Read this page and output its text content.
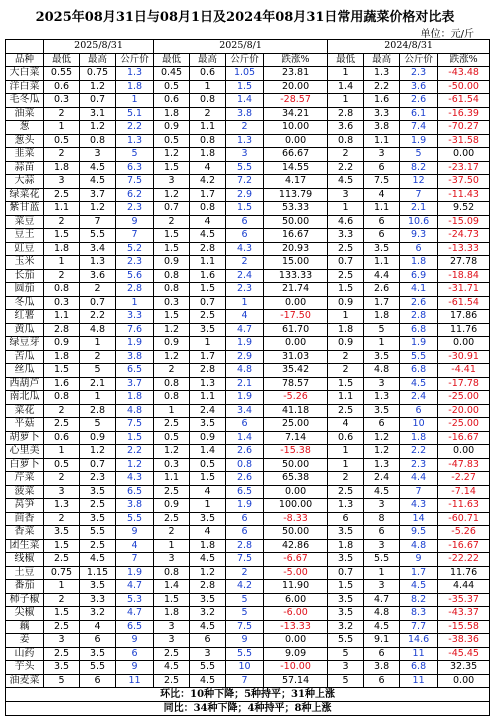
2025年08月31日与08月1日及2024年08月31日常用蔬菜价格对比表
单位：元/斤
	2025/8/31			2025/8/1				2024/8/31			
品种	最低	最高	公斤价	最低	最高	公斤价	跌涨%	最低	最高	公斤价	跌涨%
大白菜	0.55	0.75	1.3	0.45	0.6	1.05	23.81	1	1.3	2.3	-43.48
洋白菜	0.6	1.2	1.8	0.5	1	1.5	20.00	1.4	2.2	3.6	-50.00
毛冬瓜	0.3	0.7	1	0.6	0.8	1.4	-28.57	1	1.6	2.6	-61.54
油菜	2	3.1	5.1	1.8	2	3.8	34.21	2.8	3.3	6.1	-16.39
葱	1	1.2	2.2	0.9	1.1	2	10.00	3.6	3.8	7.4	-70.27
葱头	0.5	0.8	1.3	0.5	0.8	1.3	0.00	0.8	1.1	1.9	-31.58
韭菜	2	3	5	1.2	1.8	3	66.67	2	3	5	0.00
蒜苗	1.8	4.5	6.3	1.5	4	5.5	14.55	2.2	6	8.2	-23.17
大蒜	3	4.5	7.5	3	4.2	7.2	4.17	4.5	7.5	12	-37.50
绿菜花	2.5	3.7	6.2	1.2	1.7	2.9	113.79	3	4	7	-11.43
紫甘蓝	1.1	1.2	2.3	0.7	0.8	1.5	53.33	1	1.1	2.1	9.52
菜豆	2	7	9	2	4	6	50.00	4.6	6	10.6	-15.09
豆王	1.5	5.5	7	1.5	4.5	6	16.67	3.3	6	9.3	-24.73
豇豆	1.8	3.4	5.2	1.5	2.8	4.3	20.93	2.5	3.5	6	-13.33
玉米	1	1.3	2.3	0.9	1.1	2	15.00	0.7	1.1	1.8	27.78
长茄	2	3.6	5.6	0.8	1.6	2.4	133.33	2.5	4.4	6.9	-18.84
圆茄	0.8	2	2.8	0.8	1.5	2.3	21.74	1.5	2.6	4.1	-31.71
冬瓜	0.3	0.7	1	0.3	0.7	1	0.00	0.9	1.7	2.6	-61.54
红薯	1.1	2.2	3.3	1.5	2.5	4	-17.50	1	1.8	2.8	17.86
黄瓜	2.8	4.8	7.6	1.2	3.5	4.7	61.70	1.8	5	6.8	11.76
绿豆芽	0.9	1	1.9	0.9	1	1.9	0.00	0.9	1	1.9	0.00
苦瓜	1.8	2	3.8	1.2	1.7	2.9	31.03	2	3.5	5.5	-30.91
丝瓜	1.5	5	6.5	2	2.8	4.8	35.42	2	4.8	6.8	-4.41
西葫芦	1.6	2.1	3.7	0.8	1.3	2.1	78.57	1.5	3	4.5	-17.78
南北瓜	0.8	1	1.8	0.8	1.1	1.9	-5.26	1.1	1.3	2.4	-25.00
菜花	2	2.8	4.8	1	2.4	3.4	41.18	2.5	3.5	6	-20.00
平菇	2.5	5	7.5	2.5	3.5	6	25.00	4	6	10	-25.00
胡萝卜	0.6	0.9	1.5	0.5	0.9	1.4	7.14	0.6	1.2	1.8	-16.67
心里美	1	1.2	2.2	1.2	1.4	2.6	-15.38	1	1.2	2.2	0.00
白萝卜	0.5	0.7	1.2	0.3	0.5	0.8	50.00	1	1.3	2.3	-47.83
芹菜	2	2.3	4.3	1.1	1.5	2.6	65.38	2	2.4	4.4	-2.27
菠菜	3	3.5	6.5	2.5	4	6.5	0.00	2.5	4.5	7	-7.14
莴笋	1.3	2.5	3.8	0.9	1	1.9	100.00	1.3	3	4.3	-11.63
茴香	2	3.5	5.5	2.5	3.5	6	-8.33	6	8	14	-60.71
香菜	3.5	5.5	9	2	4	6	50.00	3.5	6	9.5	-5.26
团生菜	1.5	2.5	4	1	1.8	2.8	42.86	1.8	3	4.8	-16.67
线椒	2.5	4.5	7	3	4.5	7.5	-6.67	3.5	5.5	9	-22.22
土豆	0.75	1.15	1.9	0.8	1.2	2	-5.00	0.7	1	1.7	11.76
番茄	1	3.5	4.7	1.4	2.8	4.2	11.90	1.5	3	4.5	4.44
柿子椒	2	3.3	5.3	1.5	3.5	5	6.00	3.5	4.7	8.2	-35.37
尖椒	1.5	3.2	4.7	1.8	3.2	5	-6.00	3.5	4.8	8.3	-43.37
藕	2.5	4	6.5	3	4.5	7.5	-13.33	3.2	4.5	7.7	-15.58
姜	3	6	9	3	6	9	0.00	5.5	9.1	14.6	-38.36
山药	2.5	3.5	6	2.5	3	5.5	9.09	5	6	11	-45.45
芋头	3.5	5.5	9	4.5	5.5	10	-10.00	3	3.8	6.8	32.35
油麦菜	5	6	11	2.5	4.5	7	57.14	5	6	11	0.00
环比：10种下降；5种持平；31种上涨											
同比：34种下降；4种持平；8种上涨											
